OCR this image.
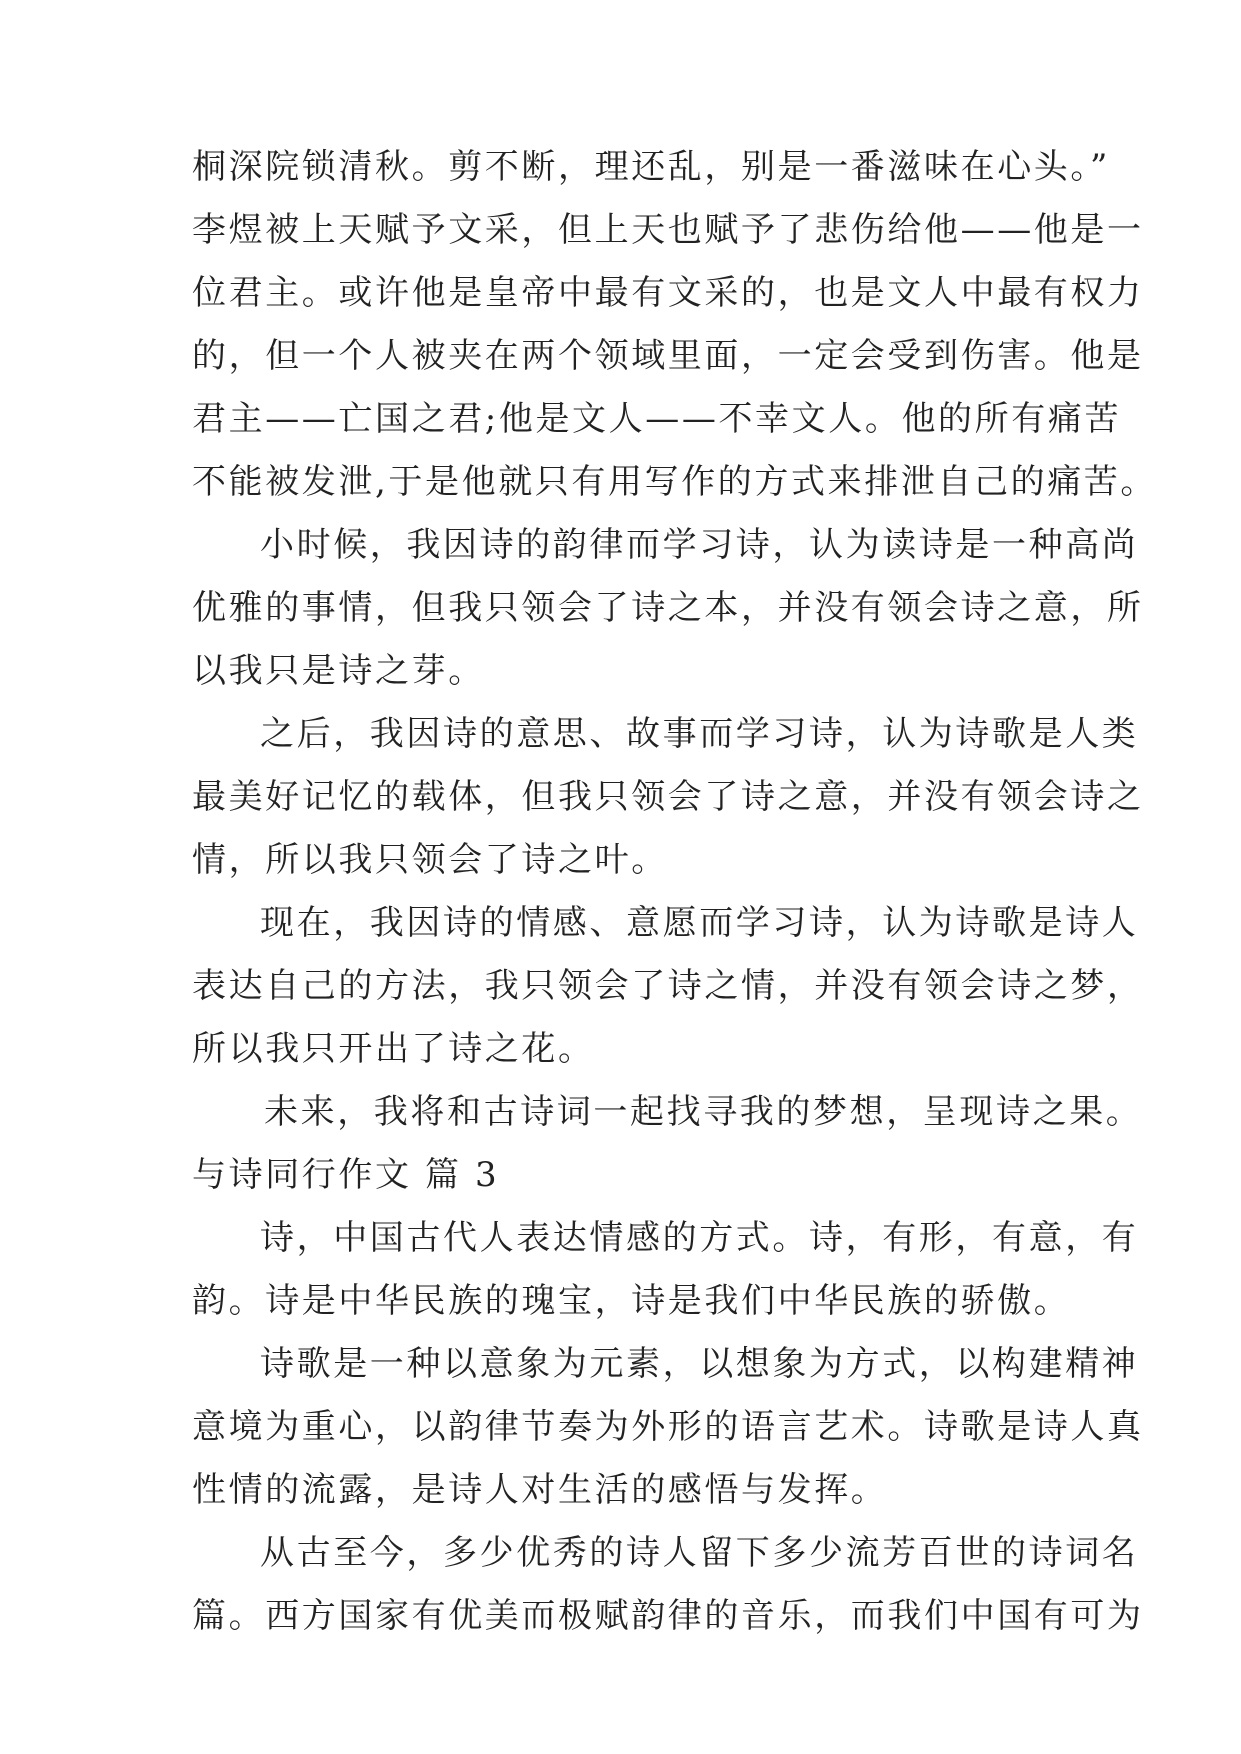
桐深院锁清秋。剪不断，理还乱，别是一番滋味在心头。”
李煜被上天赋予文采，但上天也赋予了悲伤给他——他是一
位君主。或许他是皇帝中最有文采的，也是文人中最有权力
的，但一个人被夹在两个领域里面，一定会受到伤害。他是
君主——亡国之君;他是文人——不幸文人。他的所有痛苦
不能被发泄,于是他就只有用写作的方式来排泄自己的痛苦。
小时候，我因诗的韵律而学习诗，认为读诗是一种高尚
优雅的事情，但我只领会了诗之本，并没有领会诗之意，所
以我只是诗之芽。
之后，我因诗的意思、故事而学习诗，认为诗歌是人类
最美好记忆的载体，但我只领会了诗之意，并没有领会诗之
情，所以我只领会了诗之叶。
现在，我因诗的情感、意愿而学习诗，认为诗歌是诗人
表达自己的方法，我只领会了诗之情，并没有领会诗之梦，
所以我只开出了诗之花。
未来，我将和古诗词一起找寻我的梦想，呈现诗之果。
与诗同行作文 篇 3
诗，中国古代人表达情感的方式。诗，有形，有意，有
韵。诗是中华民族的瑰宝，诗是我们中华民族的骄傲。
诗歌是一种以意象为元素，以想象为方式，以构建精神
意境为重心，以韵律节奏为外形的语言艺术。诗歌是诗人真
性情的流露，是诗人对生活的感悟与发挥。
从古至今，多少优秀的诗人留下多少流芳百世的诗词名
篇。西方国家有优美而极赋韵律的音乐，而我们中国有可为
